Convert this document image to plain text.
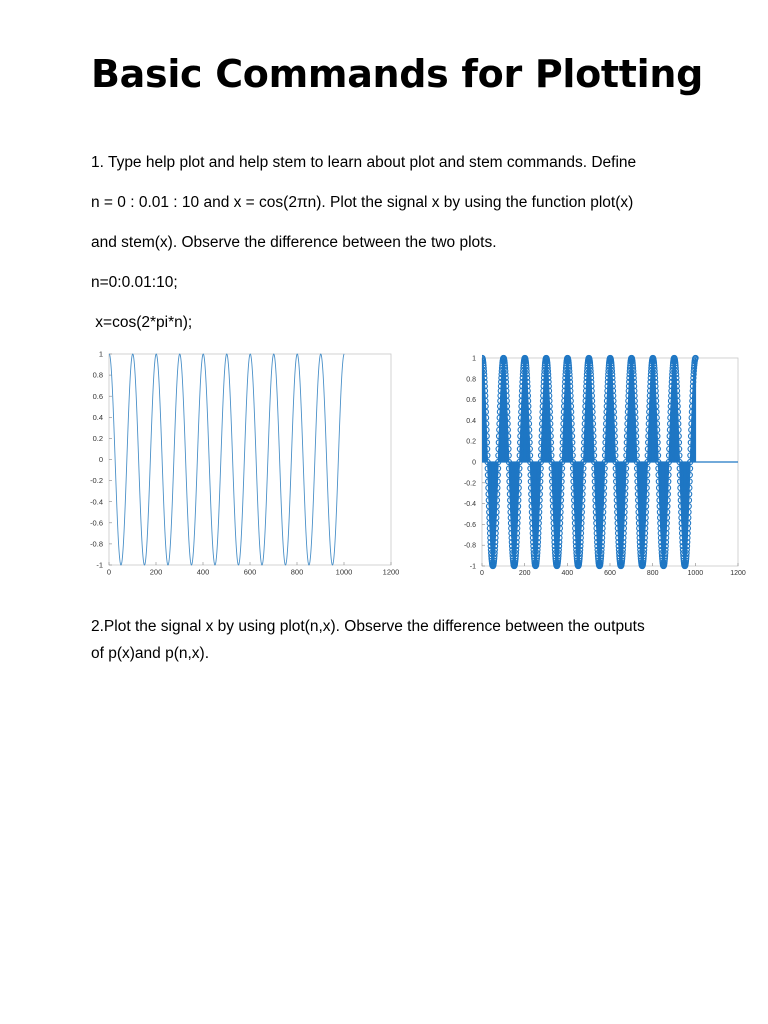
Basic Commands for Plotting

1. Type help plot and help stem to learn about plot and stem commands. Define

n = 0 : 0.01 : 10 and x = cos(2πn). Plot the signal x by using the function plot(x)

and stem(x). Observe the difference between the two plots.

n=0:0.01:10;

x=cos(2*pi*n);

0	200	400	600	800	1000	1200
-1
-0.8
-0.6
-0.4
-0.2
0
0.2
0.4
0.6
0.8
1
0	200	400	600	800	1000	1200
-1
-0.8
-0.6
-0.4
-0.2
0
0.2
0.4
0.6
0.8
1

2.Plot the signal x by using plot(n,x). Observe the difference between the outputs

of p(x)and p(n,x).
